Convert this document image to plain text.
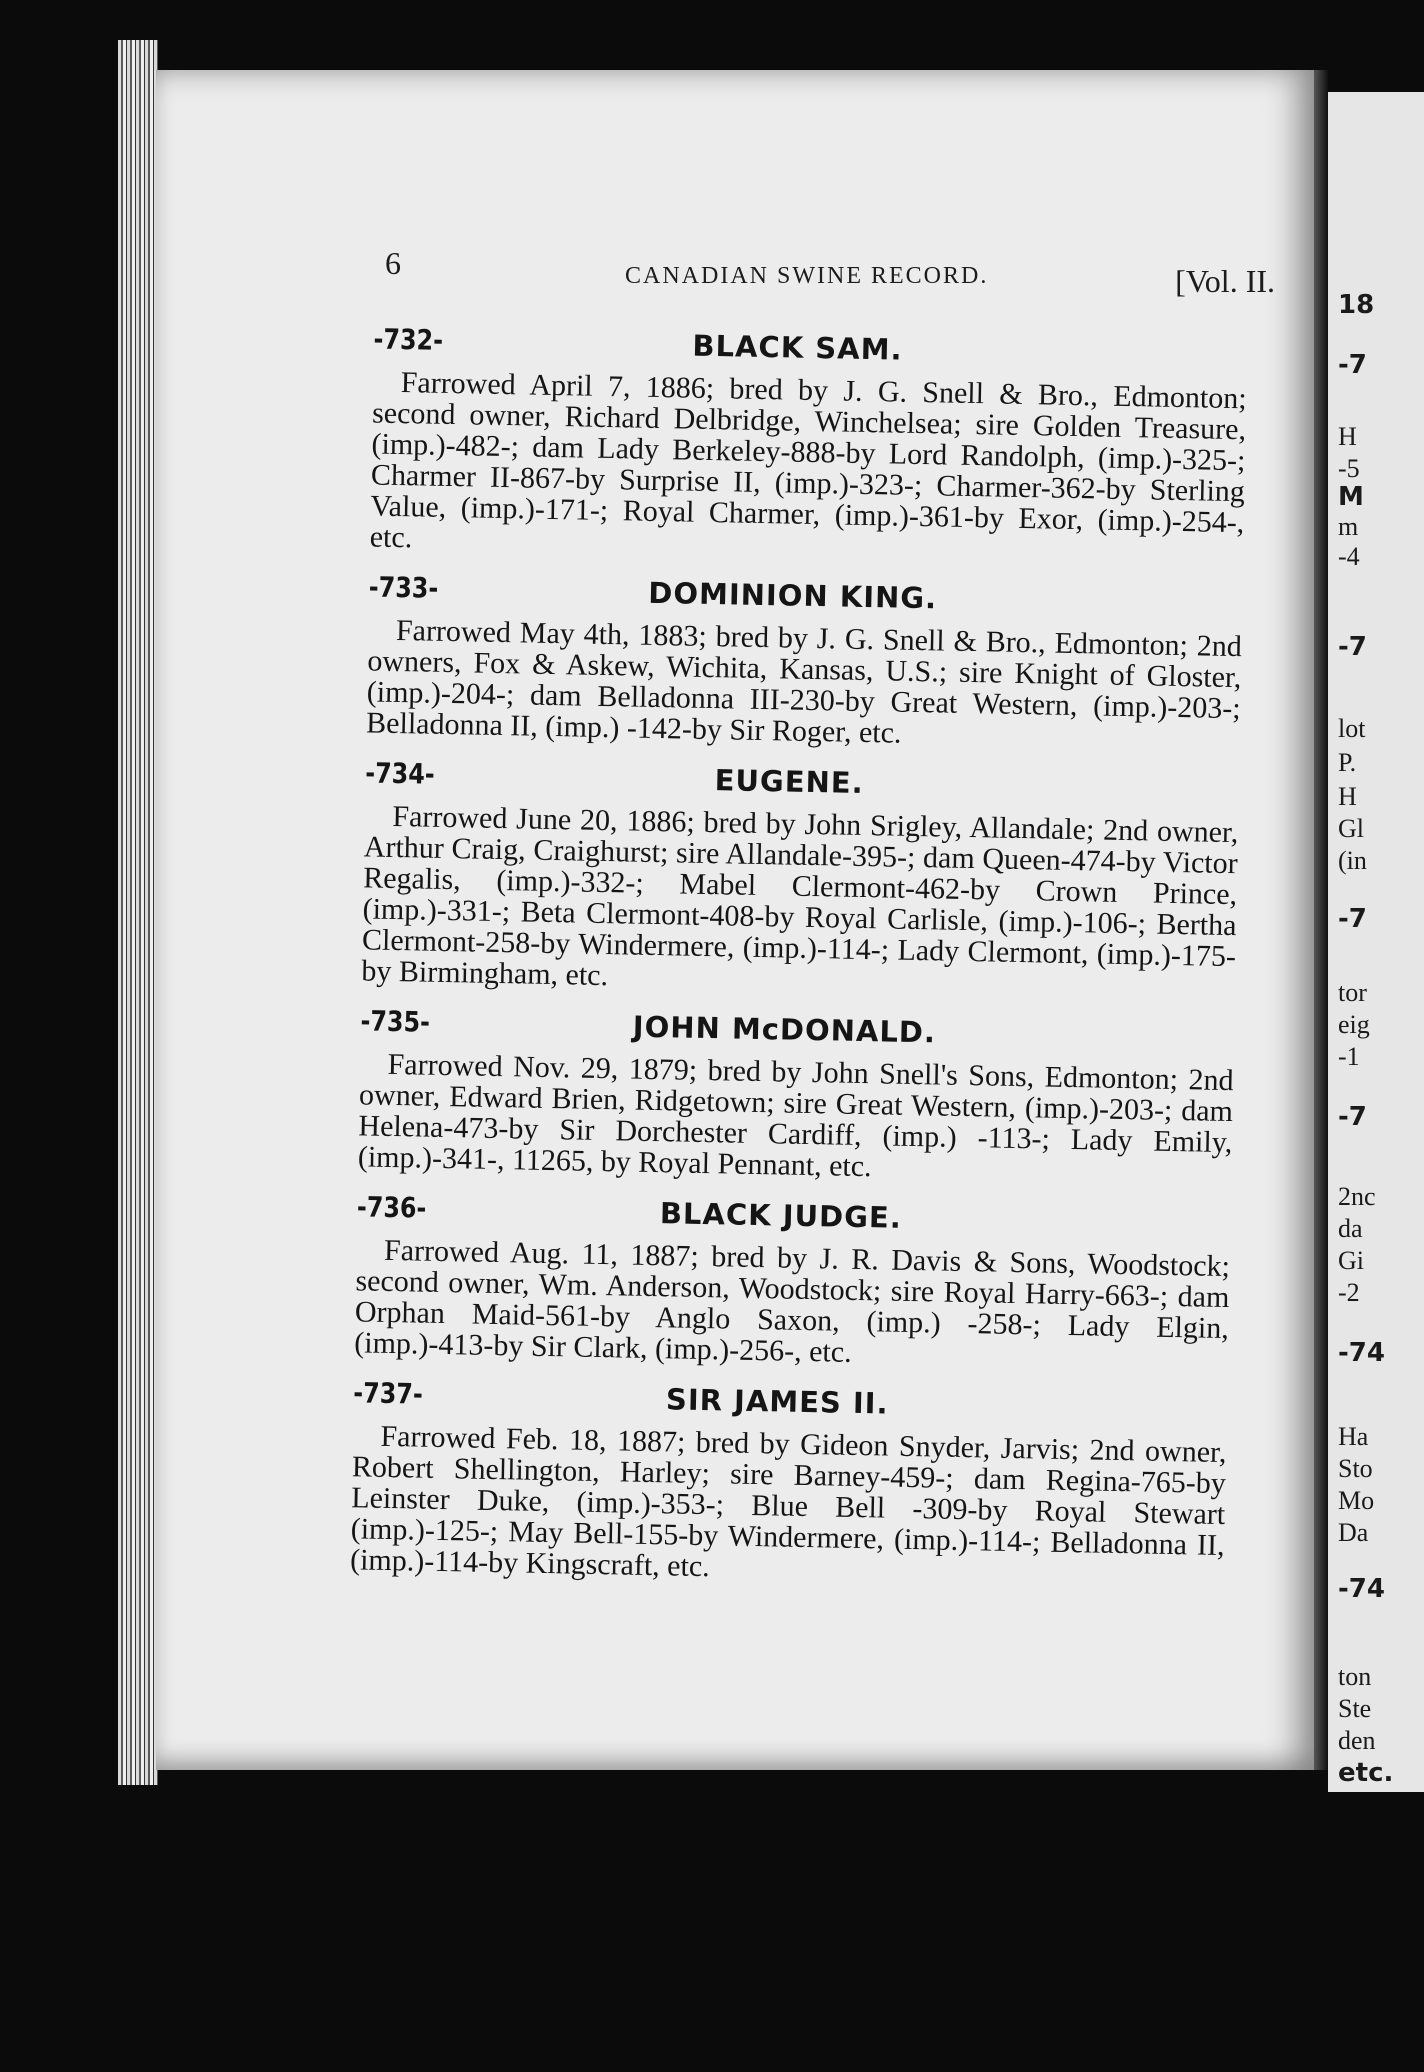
18
-7
H
-5
M
m
-4
-7
lot
P.
H
Gl
(in
-7
tor
eig
-1
-7
2nc
da
Gi
-2
-74
Ha
Sto
Mo
Da
-74
ton
Ste
den
etc.
6	CANADIAN SWINE RECORD.	[Vol. II.
-732-	BLACK SAM.
Farrowed April 7, 1886; bred by J. G. Snell & Bro., Edmonton; second owner, Richard Delbridge, Winchelsea; sire Golden Treasure, (imp.)-482-; dam Lady Berkeley-888-by Lord Randolph, (imp.)-325-; Charmer II-867-by Surprise II, (imp.)-323-; Charmer-362-by Sterling Value, (imp.)-171-; Royal Charmer, (imp.)-361-by Exor, (imp.)-254-, etc.
-733-	DOMINION KING.
Farrowed May 4th, 1883; bred by J. G. Snell & Bro., Edmonton; 2nd owners, Fox & Askew, Wichita, Kansas, U.S.; sire Knight of Gloster, (imp.)-204-; dam Belladonna III-230-by Great Western, (imp.)-203-; Belladonna II, (imp.) -142-by Sir Roger, etc.
-734-	EUGENE.
Farrowed June 20, 1886; bred by John Srigley, Allandale; 2nd owner, Arthur Craig, Craighurst; sire Allandale-395-; dam Queen-474-by Victor Regalis, (imp.)-332-; Mabel Clermont-462-by Crown Prince, (imp.)-331-; Beta Clermont-408-by Royal Carlisle, (imp.)-106-; Bertha Clermont-258-by Windermere, (imp.)-114-; Lady Clermont, (imp.)-175-by Birmingham, etc.
-735-	JOHN McDONALD.
Farrowed Nov. 29, 1879; bred by John Snell's Sons, Edmonton; 2nd owner, Edward Brien, Ridgetown; sire Great Western, (imp.)-203-; dam Helena-473-by Sir Dorchester Cardiff, (imp.) -113-; Lady Emily, (imp.)-341-, 11265, by Royal Pennant, etc.
-736-	BLACK JUDGE.
Farrowed Aug. 11, 1887; bred by J. R. Davis & Sons, Woodstock; second owner, Wm. Anderson, Woodstock; sire Royal Harry-663-; dam Orphan Maid-561-by Anglo Saxon, (imp.) -258-; Lady Elgin, (imp.)-413-by Sir Clark, (imp.)-256-, etc.
-737-	SIR JAMES II.
Farrowed Feb. 18, 1887; bred by Gideon Snyder, Jarvis; 2nd owner, Robert Shellington, Harley; sire Barney-459-; dam Regina-765-by Leinster Duke, (imp.)-353-; Blue Bell -309-by Royal Stewart (imp.)-125-; May Bell-155-by Windermere, (imp.)-114-; Belladonna II, (imp.)-114-by Kingscraft, etc.
